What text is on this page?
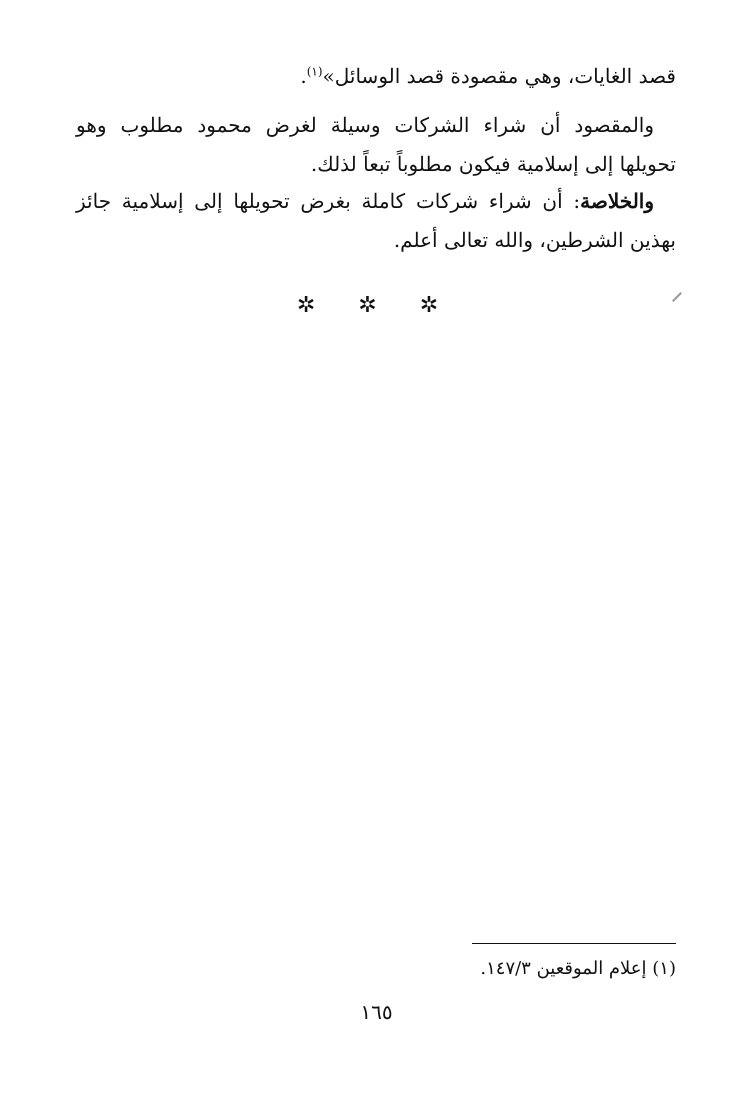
قصد الغايات، وهي مقصودة قصد الوسائل»$^{(١)}$.

والمقصود أن شراء الشركات وسيلة لغرض محمود مطلوب وهو تحويلها إلى إسلامية فيكون مطلوباً تبعاً لذلك.

والخلاصة: أن شراء شركات كاملة بغرض تحويلها إلى إسلامية جائز بهذين الشرطين، والله تعالى أعلم.

✲ ✲ ✲
(١) إعلام الموقعين ١٤٧/٣.
١٦٥
